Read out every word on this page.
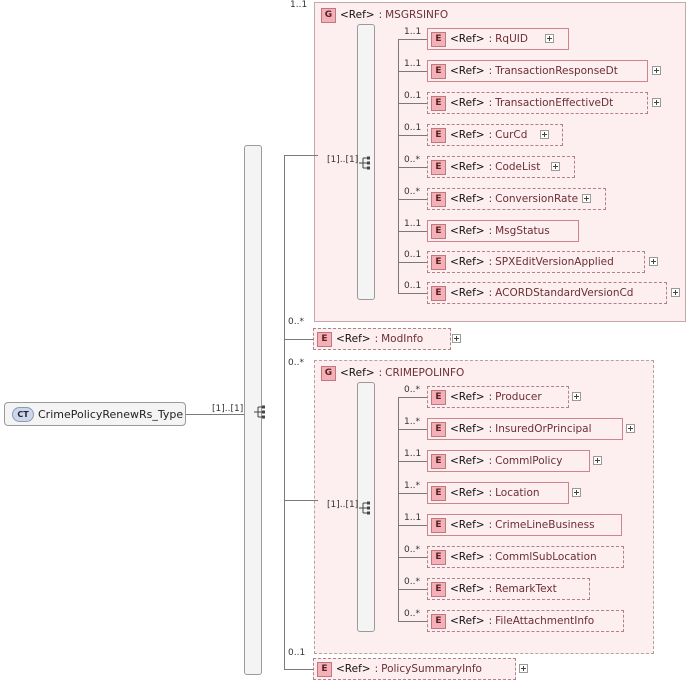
G <Ref> : MSGRSINFO
1..1
[1]..[1]
E <Ref> : RqUID
1..1
E <Ref> : TransactionResponseDt
1..1
E <Ref> : TransactionEffectiveDt
0..1
E <Ref> : CurCd
0..1
E <Ref> : CodeList
0..*
E <Ref> : ConversionRate
0..*
E <Ref> : MsgStatus
1..1
E <Ref> : SPXEditVersionApplied
0..1
E <Ref> : ACORDStandardVersionCd
0..1
E <Ref> : ModInfo
0..*
G <Ref> : CRIMEPOLINFO
0..*
[1]..[1]
E <Ref> : Producer
0..*
E <Ref> : InsuredOrPrincipal
1..*
E <Ref> : CommlPolicy
1..1
E <Ref> : Location
1..*
E <Ref> : CrimeLineBusiness
1..1
E <Ref> : CommlSubLocation
0..*
E <Ref> : RemarkText
0..*
E <Ref> : FileAttachmentInfo
0..*
E <Ref> : PolicySummaryInfo
0..1
CT CrimePolicyRenewRs_Type	[1]..[1]
